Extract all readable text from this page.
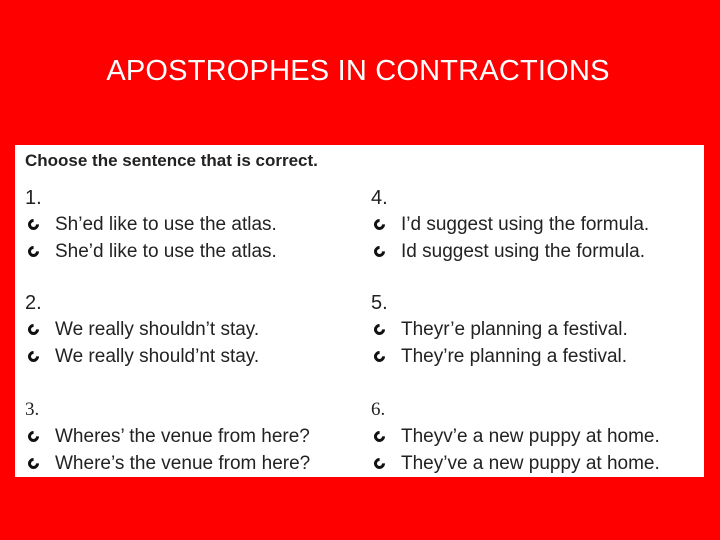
APOSTROPHES IN CONTRACTIONS
Choose the sentence that is correct.
1.
Sh’ed like to use the atlas.
She’d like to use the atlas.
2.
We really shouldn’t stay.
We really should’nt stay.
3.
Wheres’ the venue from here?
Where’s the venue from here?
4.
I’d suggest using the formula.
Id suggest using the formula.
5.
Theyr’e planning a festival.
They’re planning a festival.
6.
Theyv’e a new puppy at home.
They’ve a new puppy at home.
